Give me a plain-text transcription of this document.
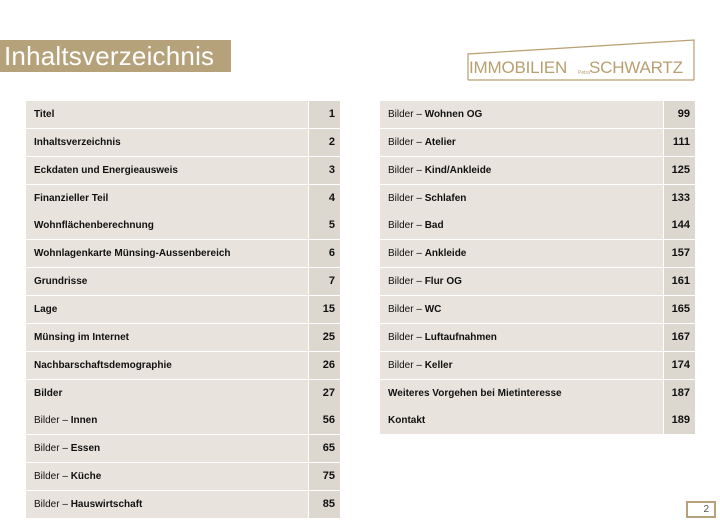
Inhaltsverzeichnis	IMMOBILIEN Petra SCHWARTZ
Titel	1
Inhaltsverzeichnis	2
Eckdaten und Energieausweis	3
Finanzieller Teil	4
Wohnflächenberechnung	5
Wohnlagenkarte Münsing-Aussenbereich	6
Grundrisse	7
Lage	15
Münsing im Internet	25
Nachbarschaftsdemographie	26
Bilder	27
Bilder – Innen	56
Bilder – Essen	65
Bilder – Küche	75
Bilder – Hauswirtschaft	85
Bilder – Wohnen OG	99
Bilder – Atelier	111
Bilder – Kind/Ankleide	125
Bilder – Schlafen	133
Bilder – Bad	144
Bilder – Ankleide	157
Bilder – Flur OG	161
Bilder – WC	165
Bilder – Luftaufnahmen	167
Bilder – Keller	174
Weiteres Vorgehen bei Mietinteresse	187
Kontakt	189
2
